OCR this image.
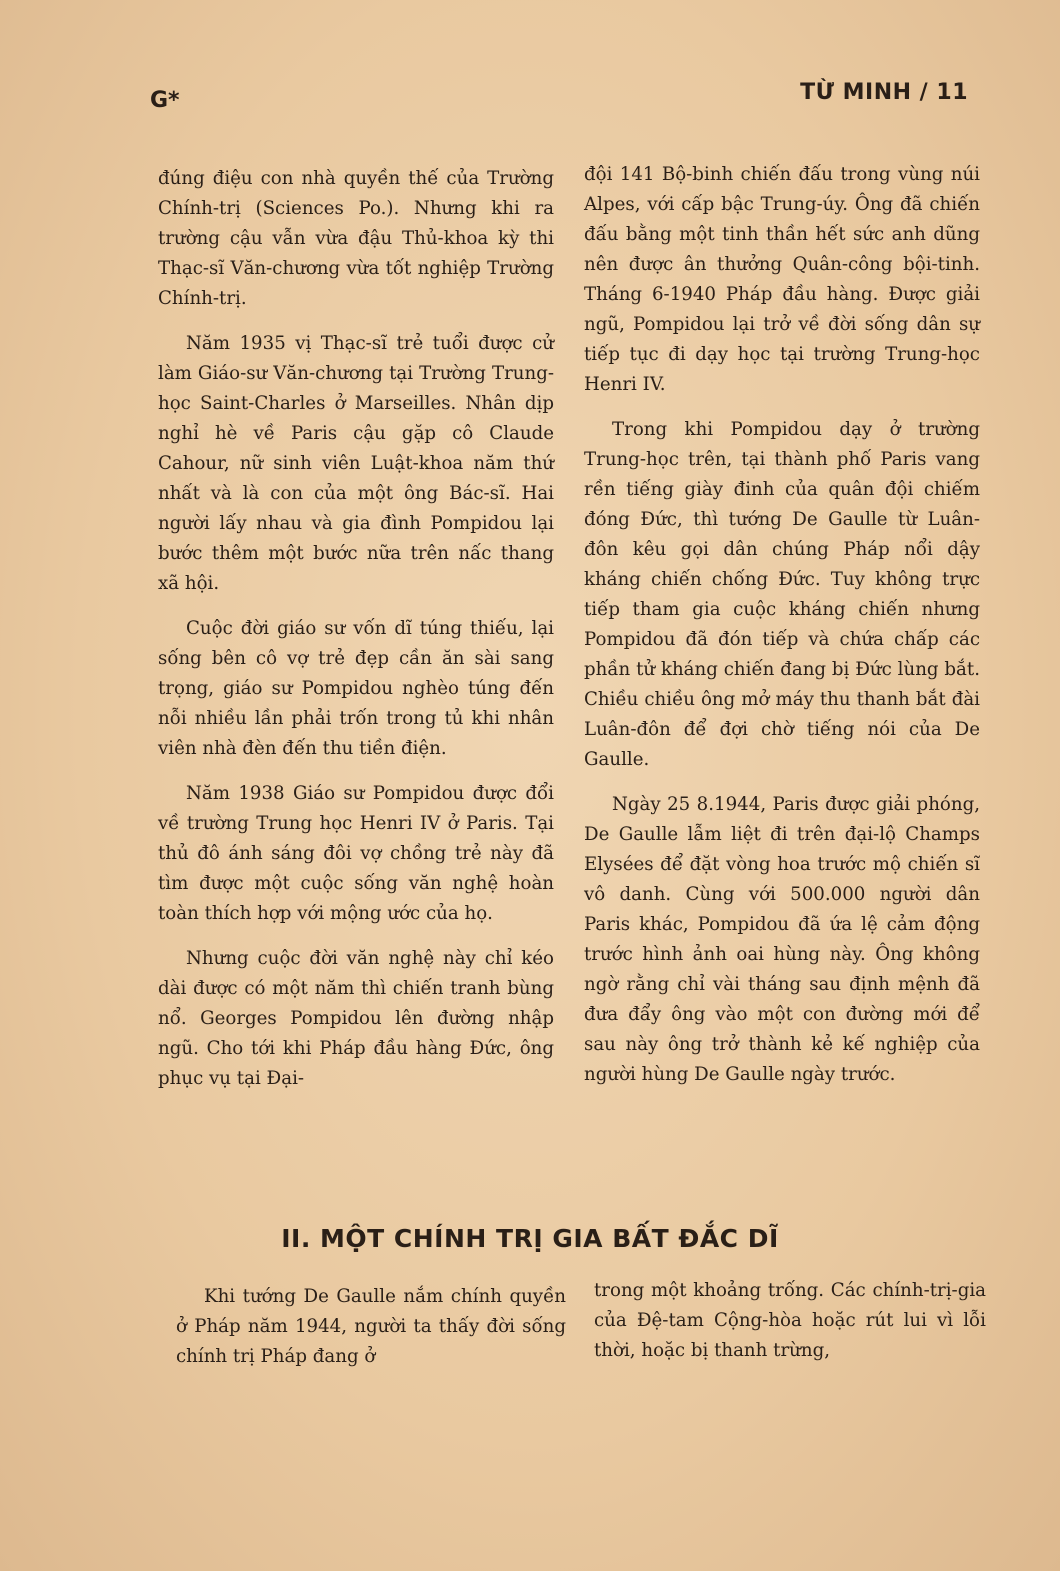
G*	TỪ MINH / 11

đúng điệu con nhà quyền thế của Trường Chính-trị (Sciences Po.). Nhưng khi ra trường cậu vẫn vừa đậu Thủ-khoa kỳ thi Thạc-sĩ Văn-chương vừa tốt nghiệp Trường Chính-trị.

Năm 1935 vị Thạc-sĩ trẻ tuổi được cử làm Giáo-sư Văn-chương tại Trường Trung-học Saint-Charles ở Marseilles. Nhân dịp nghỉ hè về Paris cậu gặp cô Claude Cahour, nữ sinh viên Luật-khoa năm thứ nhất và là con của một ông Bác-sĩ. Hai người lấy nhau và gia đình Pompidou lại bước thêm một bước nữa trên nấc thang xã hội.

Cuộc đời giáo sư vốn dĩ túng thiếu, lại sống bên cô vợ trẻ đẹp cần ăn sài sang trọng, giáo sư Pompidou nghèo túng đến nỗi nhiều lần phải trốn trong tủ khi nhân viên nhà đèn đến thu tiền điện.

Năm 1938 Giáo sư Pompidou được đổi về trường Trung học Henri IV ở Paris. Tại thủ đô ánh sáng đôi vợ chồng trẻ này đã tìm được một cuộc sống văn nghệ hoàn toàn thích hợp với mộng ước của họ.

Nhưng cuộc đời văn nghệ này chỉ kéo dài được có một năm thì chiến tranh bùng nổ. Georges Pompidou lên đường nhập ngũ. Cho tới khi Pháp đầu hàng Đức, ông phục vụ tại Đại-

đội 141 Bộ-binh chiến đấu trong vùng núi Alpes, với cấp bậc Trung-úy. Ông đã chiến đấu bằng một tinh thần hết sức anh dũng nên được ân thưởng Quân-công bội-tinh. Tháng 6-1940 Pháp đầu hàng. Được giải ngũ, Pompidou lại trở về đời sống dân sự tiếp tục đi dạy học tại trường Trung-học Henri IV.

Trong khi Pompidou dạy ở trường Trung-học trên, tại thành phố Paris vang rền tiếng giày đinh của quân đội chiếm đóng Đức, thì tướng De Gaulle từ Luân-đôn kêu gọi dân chúng Pháp nổi dậy kháng chiến chống Đức. Tuy không trực tiếp tham gia cuộc kháng chiến nhưng Pompidou đã đón tiếp và chứa chấp các phần tử kháng chiến đang bị Đức lùng bắt. Chiều chiều ông mở máy thu thanh bắt đài Luân-đôn để đợi chờ tiếng nói của De Gaulle.

Ngày 25 8.1944, Paris được giải phóng, De Gaulle lẫm liệt đi trên đại-lộ Champs Elysées để đặt vòng hoa trước mộ chiến sĩ vô danh. Cùng với 500.000 người dân Paris khác, Pompidou đã ứa lệ cảm động trước hình ảnh oai hùng này. Ông không ngờ rằng chỉ vài tháng sau định mệnh đã đưa đẩy ông vào một con đường mới để sau này ông trở thành kẻ kế nghiệp của người hùng De Gaulle ngày trước.

II. MỘT CHÍNH TRỊ GIA BẤT ĐẮC DĨ

Khi tướng De Gaulle nắm chính quyền ở Pháp năm 1944, người ta thấy đời sống chính trị Pháp đang ở

trong một khoảng trống. Các chính-trị-gia của Đệ-tam Cộng-hòa hoặc rút lui vì lỗi thời, hoặc bị thanh trừng,
